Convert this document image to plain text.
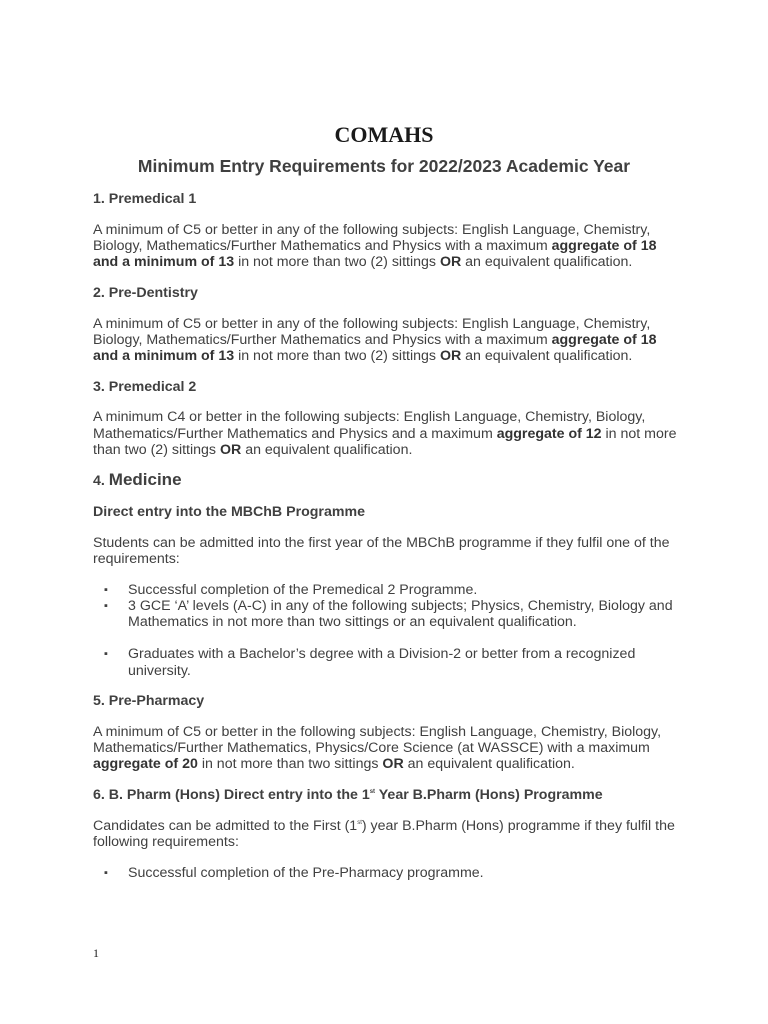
COMAHS
Minimum Entry Requirements for 2022/2023 Academic Year

1. Premedical 1

A minimum of C5 or better in any of the following subjects: English Language, Chemistry, Biology, Mathematics/Further Mathematics and Physics with a maximum aggregate of 18 and a minimum of 13 in not more than two (2) sittings OR an equivalent qualification.

2. Pre-Dentistry

A minimum of C5 or better in any of the following subjects: English Language, Chemistry, Biology, Mathematics/Further Mathematics and Physics with a maximum aggregate of 18 and a minimum of 13 in not more than two (2) sittings OR an equivalent qualification.

3. Premedical 2

A minimum C4 or better in the following subjects: English Language, Chemistry, Biology, Mathematics/Further Mathematics and Physics and a maximum aggregate of 12 in not more than two (2) sittings OR an equivalent qualification.

4. Medicine

Direct entry into the MBChB Programme

Students can be admitted into the first year of the MBChB programme if they fulfil one of the requirements:

▪ Successful completion of the Premedical 2 Programme.
▪ 3 GCE ‘A’ levels (A-C) in any of the following subjects; Physics, Chemistry, Biology and Mathematics in not more than two sittings or an equivalent qualification.
▪ Graduates with a Bachelor’s degree with a Division-2 or better from a recognized university.

5. Pre-Pharmacy

A minimum of C5 or better in the following subjects: English Language, Chemistry, Biology, Mathematics/Further Mathematics, Physics/Core Science (at WASSCE) with a maximum aggregate of 20 in not more than two sittings OR an equivalent qualification.

6. B. Pharm (Hons) Direct entry into the 1st Year B.Pharm (Hons) Programme

Candidates can be admitted to the First (1st) year B.Pharm (Hons) programme if they fulfil the following requirements:

▪ Successful completion of the Pre-Pharmacy programme.
1
